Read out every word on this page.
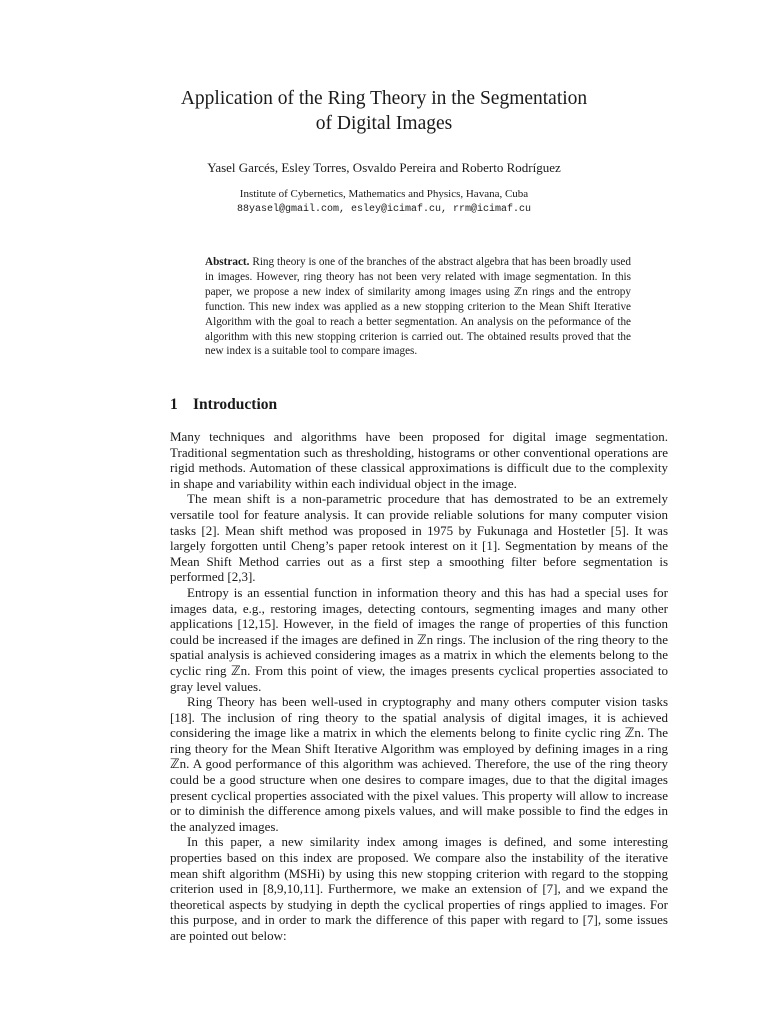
Application of the Ring Theory in the Segmentation
of Digital Images
Yasel Garcés, Esley Torres, Osvaldo Pereira and Roberto Rodríguez
Institute of Cybernetics, Mathematics and Physics, Havana, Cuba
88yasel@gmail.com, esley@icimaf.cu, rrm@icimaf.cu

Abstract. Ring theory is one of the branches of the abstract algebra that has been broadly used in images. However, ring theory has not been very related with image segmentation. In this paper, we propose a new index of similarity among images using ℤn rings and the entropy function. This new index was applied as a new stopping criterion to the Mean Shift Iterative Algorithm with the goal to reach a better segmentation. An analysis on the peformance of the algorithm with this new stopping criterion is carried out. The obtained results proved that the new index is a suitable tool to compare images.

1 Introduction

Many techniques and algorithms have been proposed for digital image segmentation. Traditional segmentation such as thresholding, histograms or other conventional operations are rigid methods. Automation of these classical approximations is difficult due to the complexity in shape and variability within each individual object in the image.

The mean shift is a non-parametric procedure that has demostrated to be an extremely versatile tool for feature analysis. It can provide reliable solutions for many computer vision tasks [2]. Mean shift method was proposed in 1975 by Fukunaga and Hostetler [5]. It was largely forgotten until Cheng’s paper retook interest on it [1]. Segmentation by means of the Mean Shift Method carries out as a first step a smoothing filter before segmentation is performed [2,3].

Entropy is an essential function in information theory and this has had a special uses for images data, e.g., restoring images, detecting contours, segmenting images and many other applications [12,15]. However, in the field of images the range of properties of this function could be increased if the images are defined in ℤn rings. The inclusion of the ring theory to the spatial analysis is achieved considering images as a matrix in which the elements belong to the cyclic ring ℤn. From this point of view, the images presents cyclical properties associated to gray level values.

Ring Theory has been well-used in cryptography and many others computer vision tasks [18]. The inclusion of ring theory to the spatial analysis of digital images, it is achieved considering the image like a matrix in which the elements belong to finite cyclic ring ℤn. The ring theory for the Mean Shift Iterative Algorithm was employed by defining images in a ring ℤn. A good performance of this algorithm was achieved. Therefore, the use of the ring theory could be a good structure when one desires to compare images, due to that the digital images present cyclical properties associated with the pixel values. This property will allow to increase or to diminish the difference among pixels values, and will make possible to find the edges in the analyzed images.

In this paper, a new similarity index among images is defined, and some interesting properties based on this index are proposed. We compare also the instability of the iterative mean shift algorithm (MSHi) by using this new stopping criterion with regard to the stopping criterion used in [8,9,10,11]. Furthermore, we make an extension of [7], and we expand the theoretical aspects by studying in depth the cyclical properties of rings applied to images. For this purpose, and in order to mark the difference of this paper with regard to [7], some issues are pointed out below:
